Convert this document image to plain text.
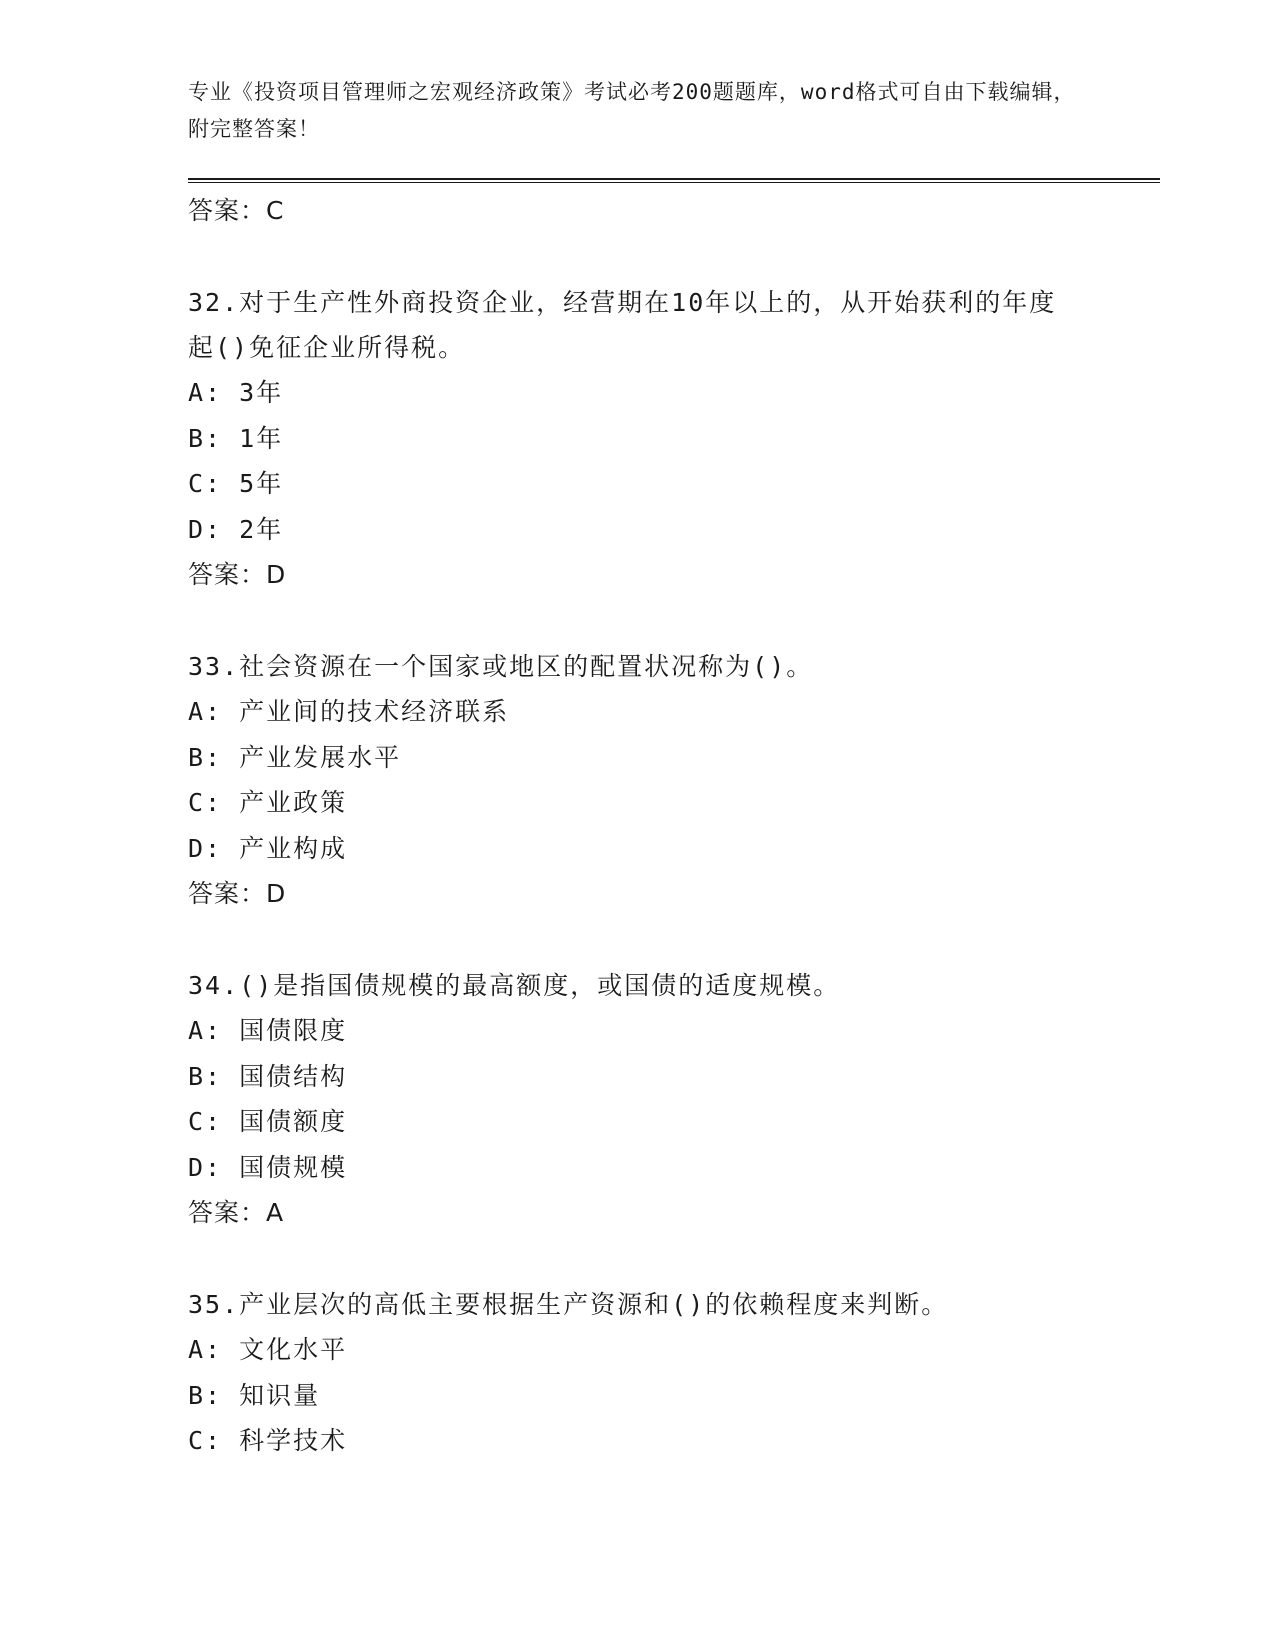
专业《投资项目管理师之宏观经济政策》考试必考200题题库，word格式可自由下载编辑，附完整答案！
答案：C
32.对于生产性外商投资企业，经营期在10年以上的，从开始获利的年度起()免征企业所得税。
A: 3年
B: 1年
C: 5年
D: 2年
答案：D
33.社会资源在一个国家或地区的配置状况称为()。
A: 产业间的技术经济联系
B: 产业发展水平
C: 产业政策
D: 产业构成
答案：D
34.()是指国债规模的最高额度，或国债的适度规模。
A: 国债限度
B: 国债结构
C: 国债额度
D: 国债规模
答案：A
35.产业层次的高低主要根据生产资源和()的依赖程度来判断。
A: 文化水平
B: 知识量
C: 科学技术
